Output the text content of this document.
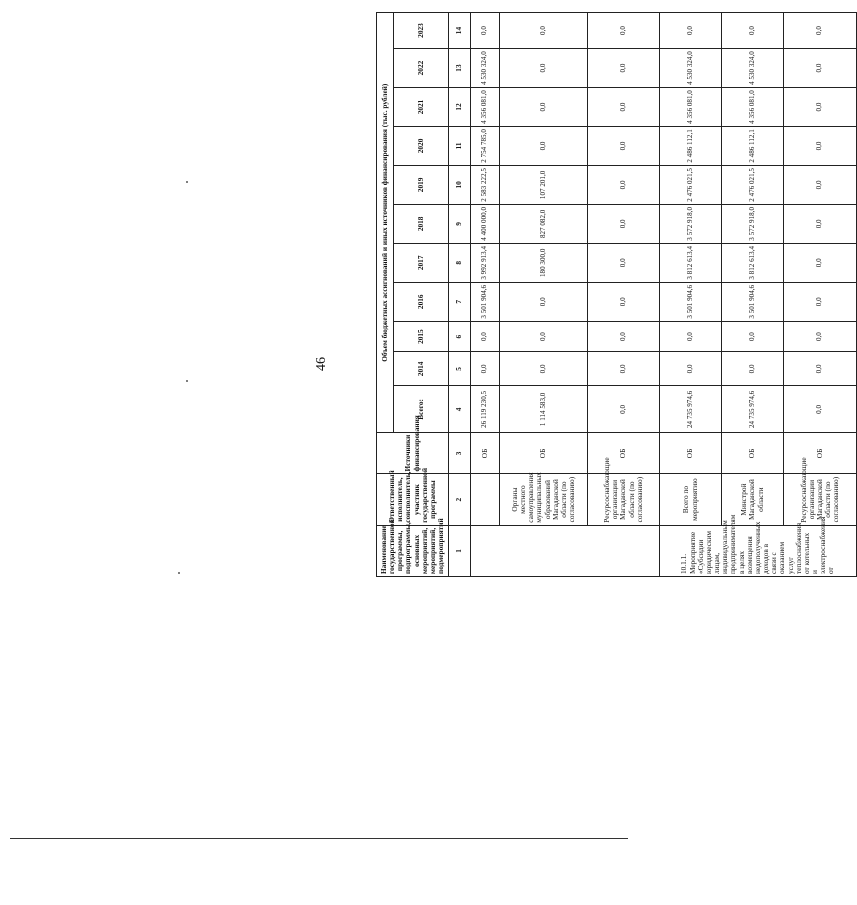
46
Наименование государственной программы, подпрограммы, основных мероприятий, мероприятий, подмероприятий	Ответственный исполнитель, соисполнитель, участник государственной программы	Источники финансирования	Объем бюджетных ассигнований и иных источников финансирования (тыс. рублей)										
			Всего:	2014	2015	2016	2017	2018	2019	2020	2021	2022	2023
1	2	3	4	5	6	7	8	9	10	11	12	13	14
		ОБ	26 119 230,5	0,0	0,0	3 501 904,6	3 992 913,4	4 400 000,0	2 583 222,5	2 754 785,0	4 356 081,0	4 530 324,0	0,0
	Органы местного самоуправления муниципальных образований Магаданской области (по согласованию)	ОБ	1 114 583,0	0,0	0,0	0,0	180 300,0	827 082,0	107 201,0	0,0	0,0	0,0	0,0
	Ресурсоснабжающие организации Магаданской области (по согласованию)	ОБ	0,0	0,0	0,0	0,0	0,0	0,0	0,0	0,0	0,0	0,0	0,0
10.1.1. Мероприятие «Субсидии юридическим лицам, индивидуальным предпринимателям в целях возмещения недополученных доходов в связи с оказанием услуг теплоснабжения от котельных и электроснабжения от	Всего по мероприятию	ОБ	24 735 974,6	0,0	0,0	3 501 904,6	3 812 613,4	3 572 918,0	2 476 021,5	2 486 112,1	4 356 081,0	4 530 324,0	0,0
	Минстрой Магаданской области	ОБ	24 735 974,6	0,0	0,0	3 501 904,6	3 812 613,4	3 572 918,0	2 476 021,5	2 486 112,1	4 356 081,0	4 530 324,0	0,0
	Ресурсоснабжающие организации Магаданской области (по согласованию)	ОБ	0,0	0,0	0,0	0,0	0,0	0,0	0,0	0,0	0,0	0,0	0,0
